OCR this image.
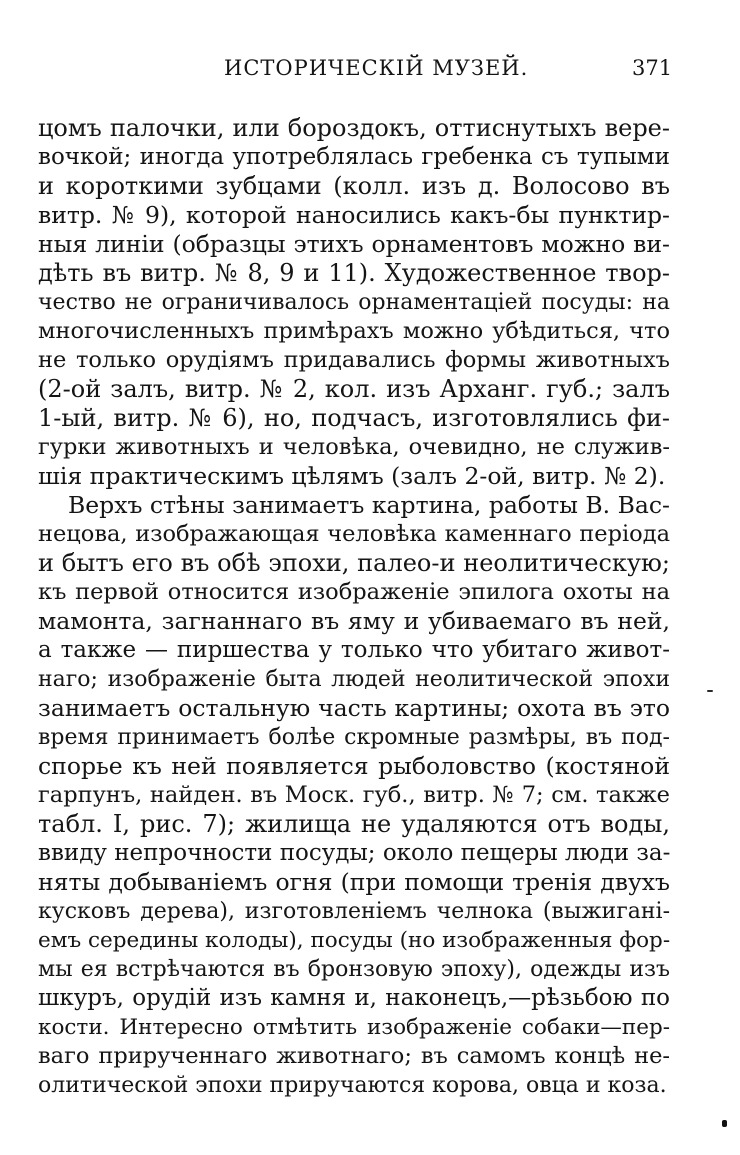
ИСТОРИЧЕСКIЙ МУЗЕЙ.	371
цомъ палочки, или бороздокъ, оттиснутыхъ вере-
вочкой; иногда употреблялась гребенка съ тупыми
и короткими зубцами (колл. изъ д. Волосово въ
витр. № 9), которой наносились какъ-бы пунктир-
ныя линiи (образцы этихъ орнаментовъ можно ви-
дѣть въ витр. № 8, 9 и 11). Художественное твор-
чество не ограничивалось орнаментацiей посуды: на
многочисленныхъ примѣрахъ можно убѣдиться, что
не только орудiямъ придавались формы животныхъ
(2-ой залъ, витр. № 2, кол. изъ Арханг. губ.; залъ
1-ый, витр. № 6), но, подчасъ, изготовлялись фи-
гурки животныхъ и человѣка, очевидно, не служив-
шiя практическимъ цѣлямъ (залъ 2-ой, витр. № 2).
Верхъ стѣны занимаетъ картина, работы В. Вас-
нецова, изображающая человѣка каменнаго перiода
и бытъ его въ обѣ эпохи, палео-и неолитическую;
къ первой относится изображенiе эпилога охоты на
мамонта, загнаннаго въ яму и убиваемаго въ ней,
а также — пиршества у только что убитаго живот-
наго; изображенiе быта людей неолитической эпохи
занимаетъ остальную часть картины; охота въ это
время принимаетъ болѣе скромные размѣры, въ под-
спорье къ ней появляется рыболовство (костяной
гарпунъ, найден. въ Моск. губ., витр. № 7; см. также
табл. I, рис. 7); жилища не удаляются отъ воды,
ввиду непрочности посуды; около пещеры люди за-
няты добыванiемъ огня (при помощи тренiя двухъ
кусковъ дерева), изготовленiемъ челнока (выжиганi-
емъ середины колоды), посуды (но изображенныя фор-
мы ея встрѣчаются въ бронзовую эпоху), одежды изъ
шкуръ, орудiй изъ камня и, наконецъ,—рѣзьбою по
кости. Интересно отмѣтить изображенiе собаки—пер-
ваго прирученнаго животнаго; въ самомъ концѣ не-
олитической эпохи приручаются корова, овца и коза.
